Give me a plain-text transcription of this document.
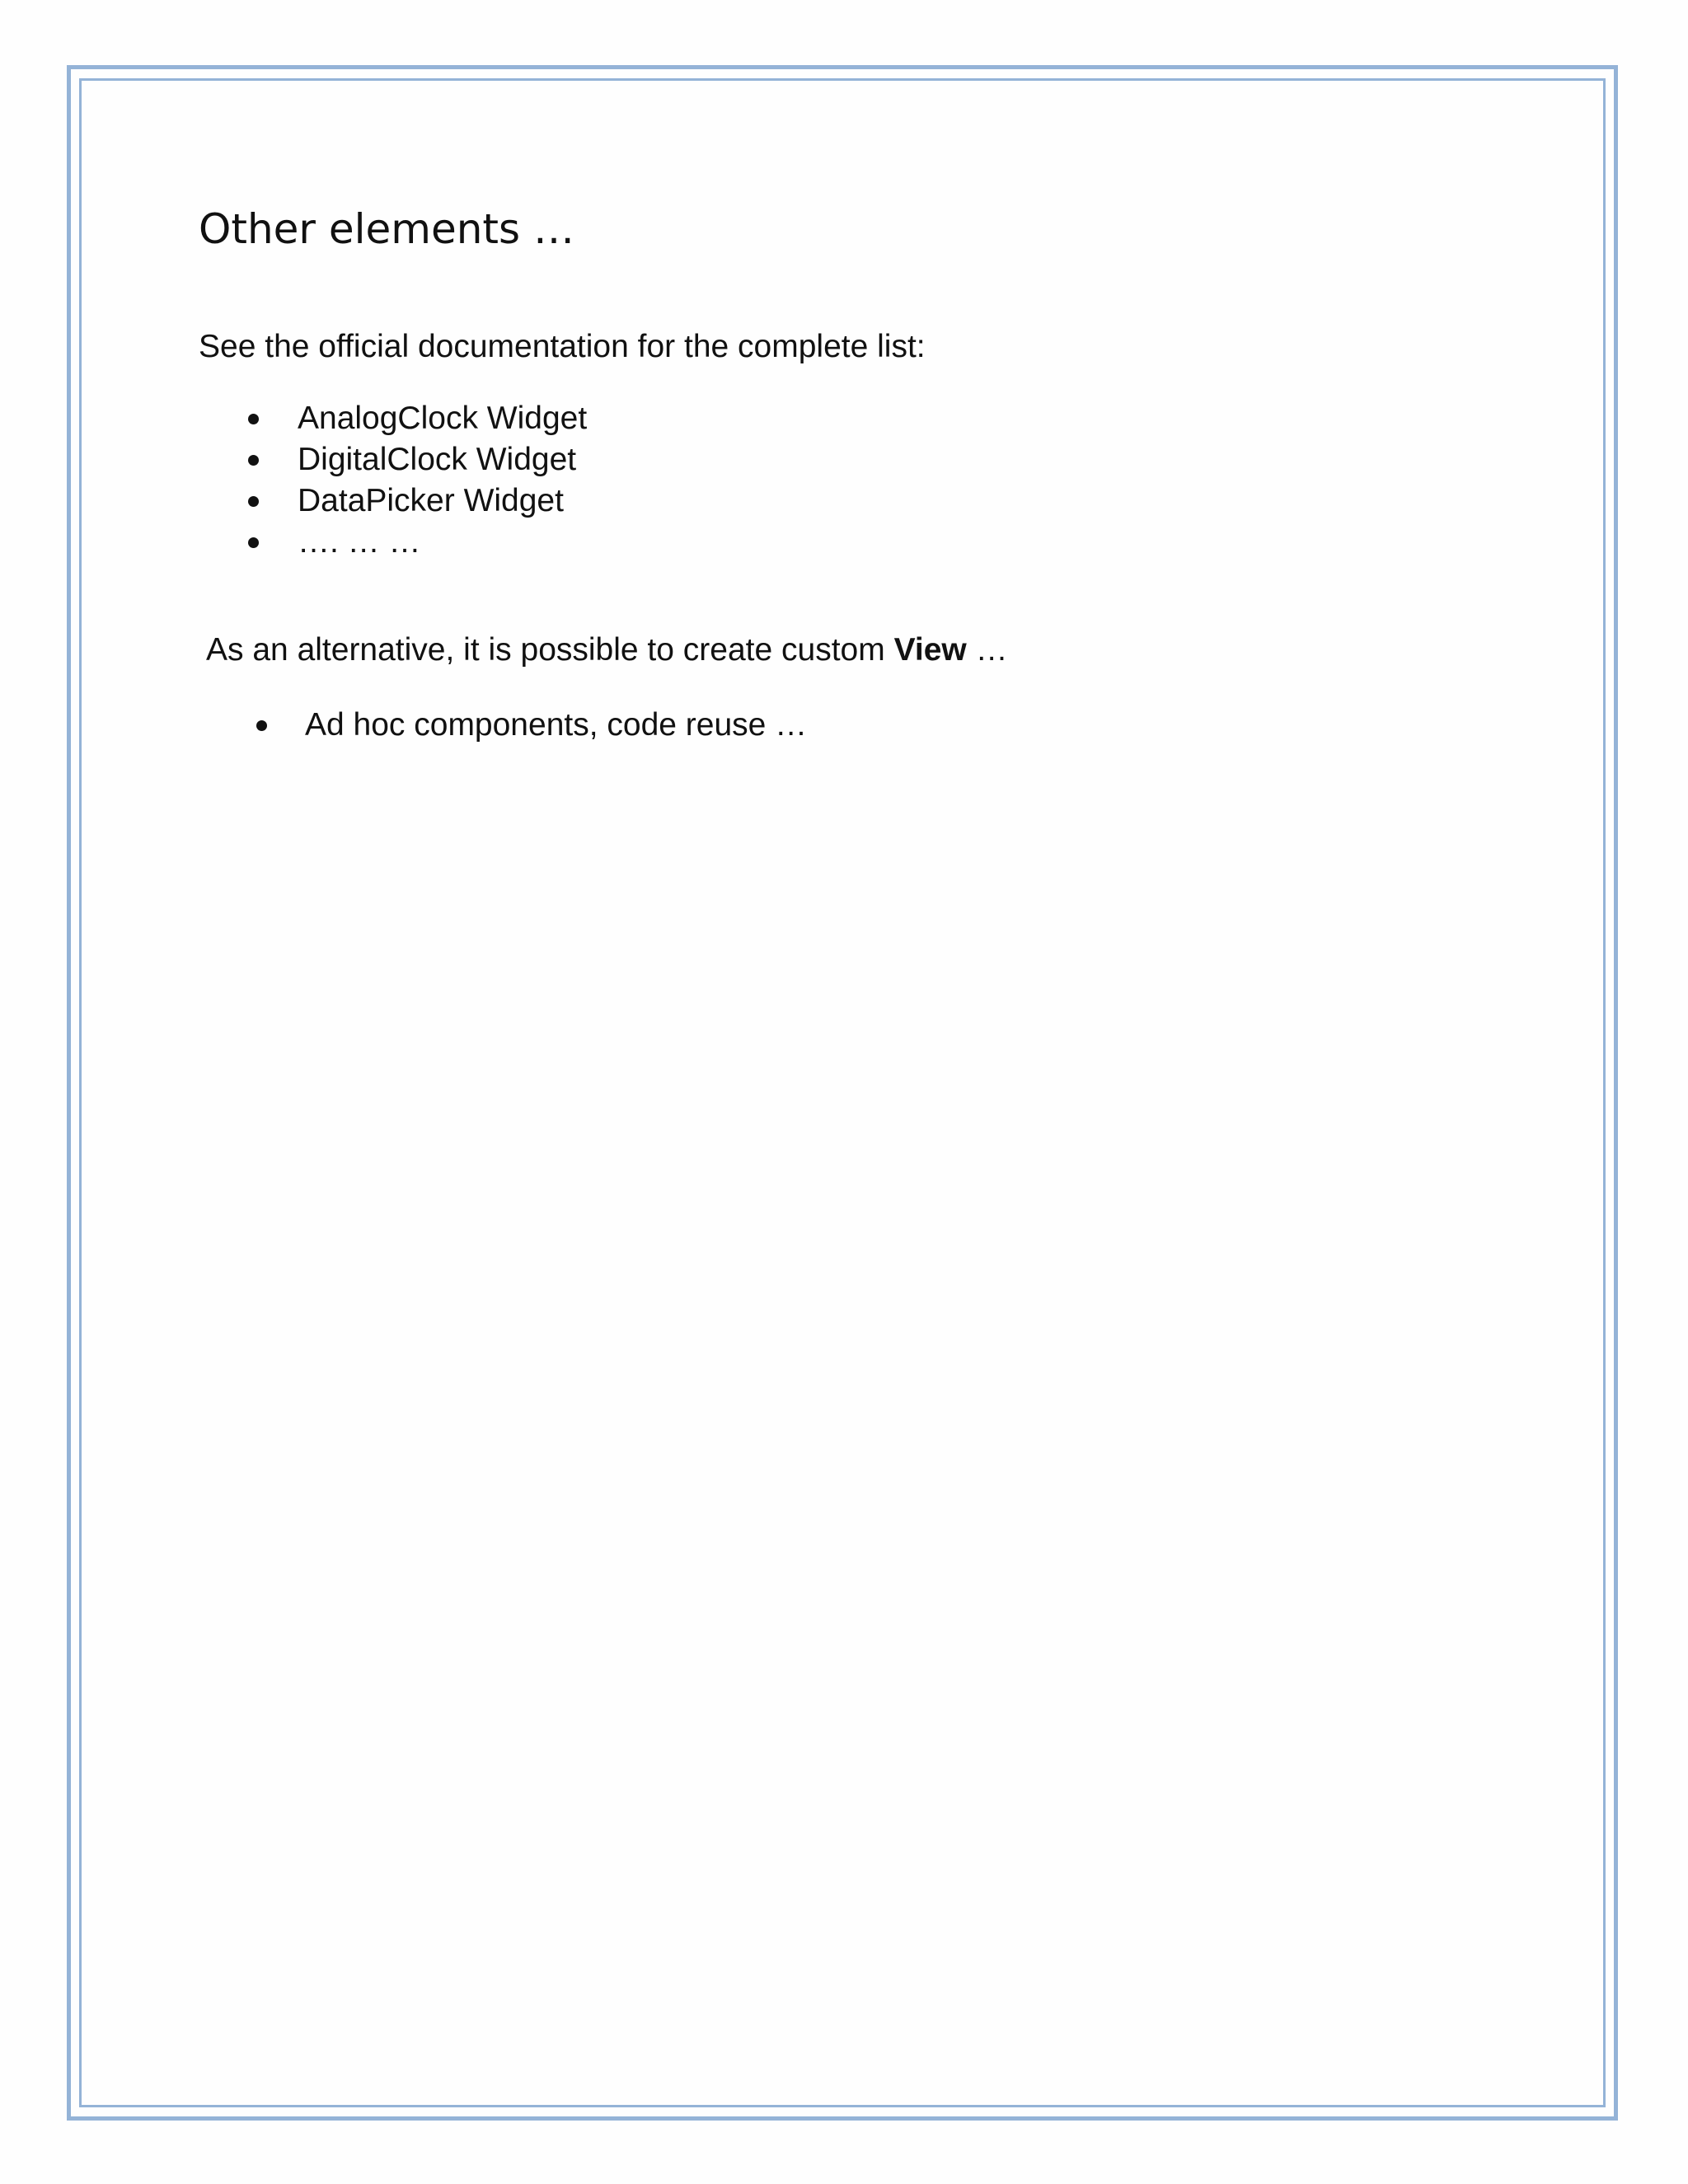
Other elements …

See the official documentation for the complete list:

AnalogClock Widget
DigitalClock Widget
DataPicker Widget
…. … …

As an alternative, it is possible to create custom View …

Ad hoc components, code reuse …
